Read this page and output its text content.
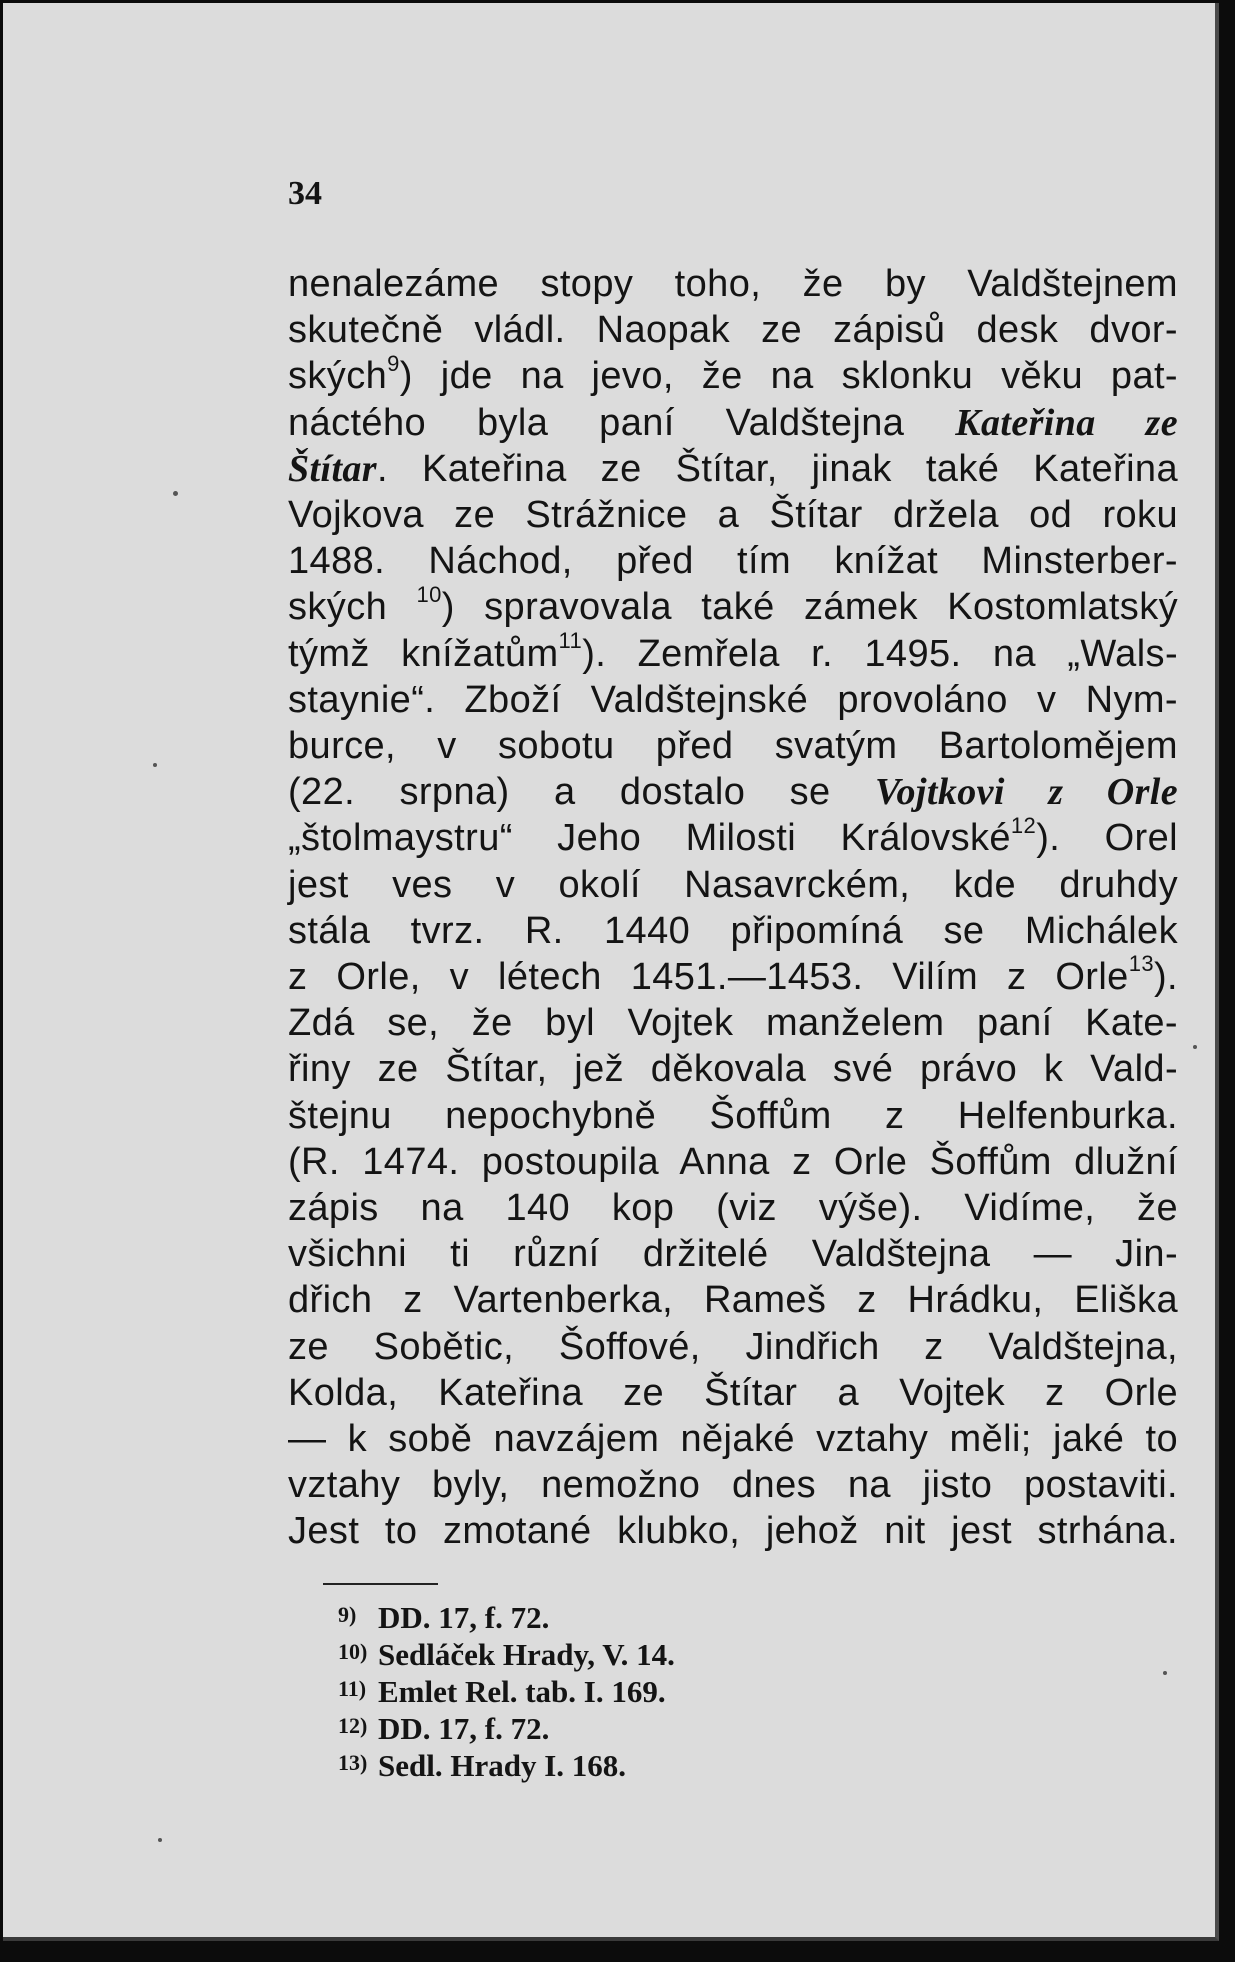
34
nenalezáme stopy toho, že by Valdštejnem
skutečně vládl. Naopak ze zápisů desk dvor-
ských$^9$) jde na jevo, že na sklonku věku pat-
náctého byla paní Valdštejna Kateřina ze
Štítar. Kateřina ze Štítar, jinak také Kateřina
Vojkova ze Strážnice a Štítar držela od roku
1488. Náchod, před tím knížat Minsterber-
ských $^{10}$) spravovala také zámek Kostomlatský
týmž knížatům$^{11}$). Zemřela r. 1495. na „Wals-
staynie“. Zboží Valdštejnské provoláno v Nym-
burce, v sobotu před svatým Bartolomějem
(22. srpna) a dostalo se Vojtkovi z Orle
„štolmaystru“ Jeho Milosti Královské$^{12}$). Orel
jest ves v okolí Nasavrckém, kde druhdy
stála tvrz. R. 1440 připomíná se Michálek
z Orle, v létech 1451.—1453. Vilím z Orle$^{13}$).
Zdá se, že byl Vojtek manželem paní Kate-
řiny ze Štítar, jež děkovala své právo k Vald-
štejnu nepochybně Šoffům z Helfenburka.
(R. 1474. postoupila Anna z Orle Šoffům dlužní
zápis na 140 kop (viz výše). Vidíme, že
všichni ti různí držitelé Valdštejna — Jin-
dřich z Vartenberka, Rameš z Hrádku, Eliška
ze Sobětic, Šoffové, Jindřich z Valdštejna,
Kolda, Kateřina ze Štítar a Vojtek z Orle
— k sobě navzájem nějaké vztahy měli; jaké to
vztahy byly, nemožno dnes na jisto postaviti.
Jest to zmotané klubko, jehož nit jest strhána.
9) DD. 17, f. 72.
10) Sedláček Hrady, V. 14.
11) Emlet Rel. tab. I. 169.
12) DD. 17, f. 72.
13) Sedl. Hrady I. 168.
